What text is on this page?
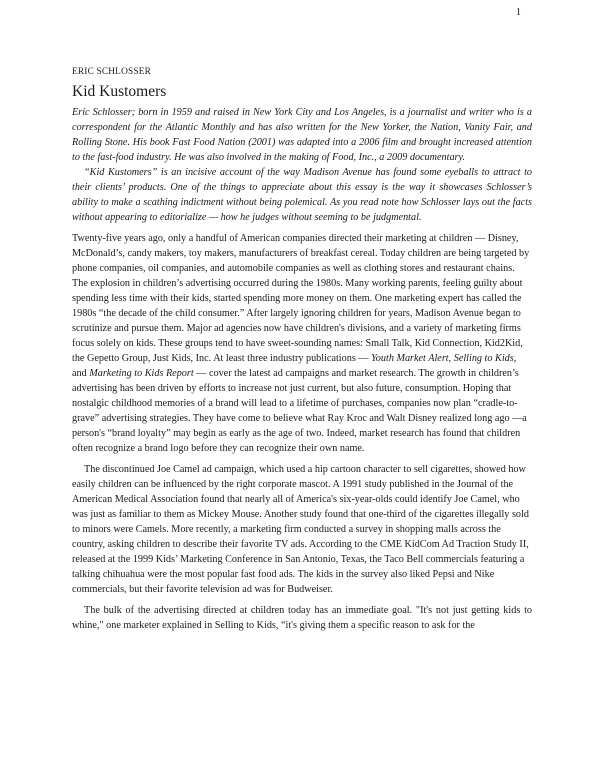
1
ERIC SCHLOSSER
Kid Kustomers

Eric Schlosser; born in 1959 and raised in New York City and Los Angeles, is a journalist and writer who is a correspondent for the Atlantic Monthly and has also written for the New Yorker, the Nation, Vanity Fair, and Rolling Stone. His book Fast Food Nation (2001) was adapted into a 2006 film and brought increased attention to the fast-food industry. He was also involved in the making of Food, Inc., a 2009 documentary.

“Kid Kustomers” is an incisive account of the way Madison Avenue has found some eyeballs to attract to their clients’ products. One of the things to appreciate about this essay is the way it showcases Schlosser’s ability to make a scathing indictment without being polemical. As you read note how Schlosser lays out the facts without appearing to editorialize — how he judges without seeming to be judgmental.

Twenty-five years ago, only a handful of American companies directed their marketing at children — Disney, McDonald’s, candy makers, toy makers, manufacturers of breakfast cereal. Today children are being targeted by phone companies, oil companies, and automobile companies as well as clothing stores and restaurant chains. The explosion in children’s advertising occurred during the 1980s. Many working parents, feeling guilty about spending less time with their kids, started spending more money on them. One marketing expert has called the 1980s “the decade of the child consumer.” After largely ignoring children for years, Madison Avenue began to scrutinize and pursue them. Major ad agencies now have children's divisions, and a variety of marketing firms focus solely on kids. These groups tend to have sweet-sounding names: Small Talk, Kid Connection, Kid2Kid, the Gepetto Group, Just Kids, Inc. At least three industry publications — Youth Market Alert, Selling to Kids, and Marketing to Kids Report — cover the latest ad campaigns and market research. The growth in children’s advertising has been driven by efforts to increase not just current, but also future, consumption. Hoping that nostalgic childhood memories of a brand will lead to a lifetime of purchases, companies now plan “cradle-to-grave” advertising strategies. They have come to believe what Ray Kroc and Walt Disney realized long ago —a person's “brand loyalty” may begin as early as the age of two. Indeed, market research has found that children often recognize a brand logo before they can recognize their own name.

The discontinued Joe Camel ad campaign, which used a hip cartoon character to sell cigarettes, showed how easily children can be influenced by the right corporate mascot. A 1991 study published in the Journal of the American Medical Association found that nearly all of America's six-year-olds could identify Joe Camel, who was just as familiar to them as Mickey Mouse. Another study found that one-third of the cigarettes illegally sold to minors were Camels. More recently, a marketing firm conducted a survey in shopping malls across the country, asking children to describe their favorite TV ads. According to the CME KidCom Ad Traction Study II, released at the 1999 Kids’ Marketing Conference in San Antonio, Texas, the Taco Bell commercials featuring a talking chihuahua were the most popular fast food ads. The kids in the survey also liked Pepsi and Nike commercials, but their favorite television ad was for Budweiser.

The bulk of the advertising directed at children today has an immediate goal. "It's not just getting kids to whine," one marketer explained in Selling to Kids, “it's giving them a specific reason to ask for the
